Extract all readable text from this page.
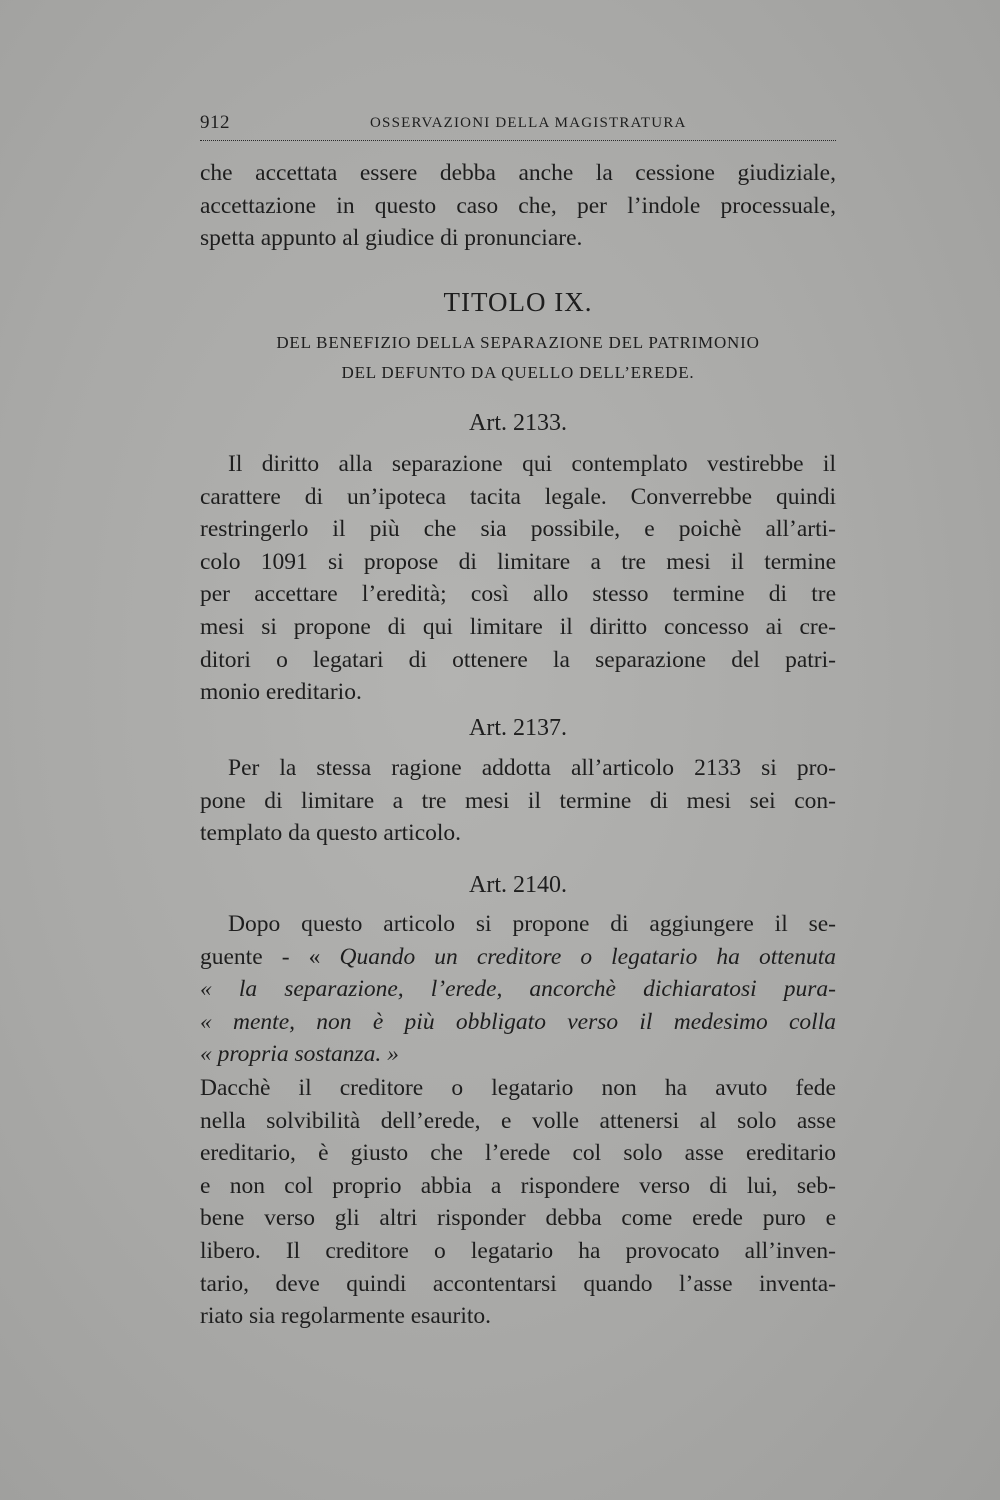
912	OSSERVAZIONI DELLA MAGISTRATURA

che accettata essere debba anche la cessione giudiziale,
accettazione in questo caso che, per l’indole processuale,
spetta appunto al giudice di pronunciare.

TITOLO IX.
DEL BENEFIZIO DELLA SEPARAZIONE DEL PATRIMONIO
DEL DEFUNTO DA QUELLO DELL’EREDE.
Art. 2133.

Il diritto alla separazione qui contemplato vestirebbe il
carattere di un’ipoteca tacita legale. Converrebbe quindi
restringerlo il più che sia possibile, e poichè all’arti-
colo 1091 si propose di limitare a tre mesi il termine
per accettare l’eredità; così allo stesso termine di tre
mesi si propone di qui limitare il diritto concesso ai cre-
ditori o legatari di ottenere la separazione del patri-
monio ereditario.

Art. 2137.

Per la stessa ragione addotta all’articolo 2133 si pro-
pone di limitare a tre mesi il termine di mesi sei con-
templato da questo articolo.

Art. 2140.

Dopo questo articolo si propone di aggiungere il se-
guente - « Quando un creditore o legatario ha ottenuta
« la separazione, l’erede, ancorchè dichiaratosi pura-
« mente, non è più obbligato verso il medesimo colla
« propria sostanza. »

Dacchè il creditore o legatario non ha avuto fede
nella solvibilità dell’erede, e volle attenersi al solo asse
ereditario, è giusto che l’erede col solo asse ereditario
e non col proprio abbia a rispondere verso di lui, seb-
bene verso gli altri risponder debba come erede puro e
libero. Il creditore o legatario ha provocato all’inven-
tario, deve quindi accontentarsi quando l’asse inventa-
riato sia regolarmente esaurito.
